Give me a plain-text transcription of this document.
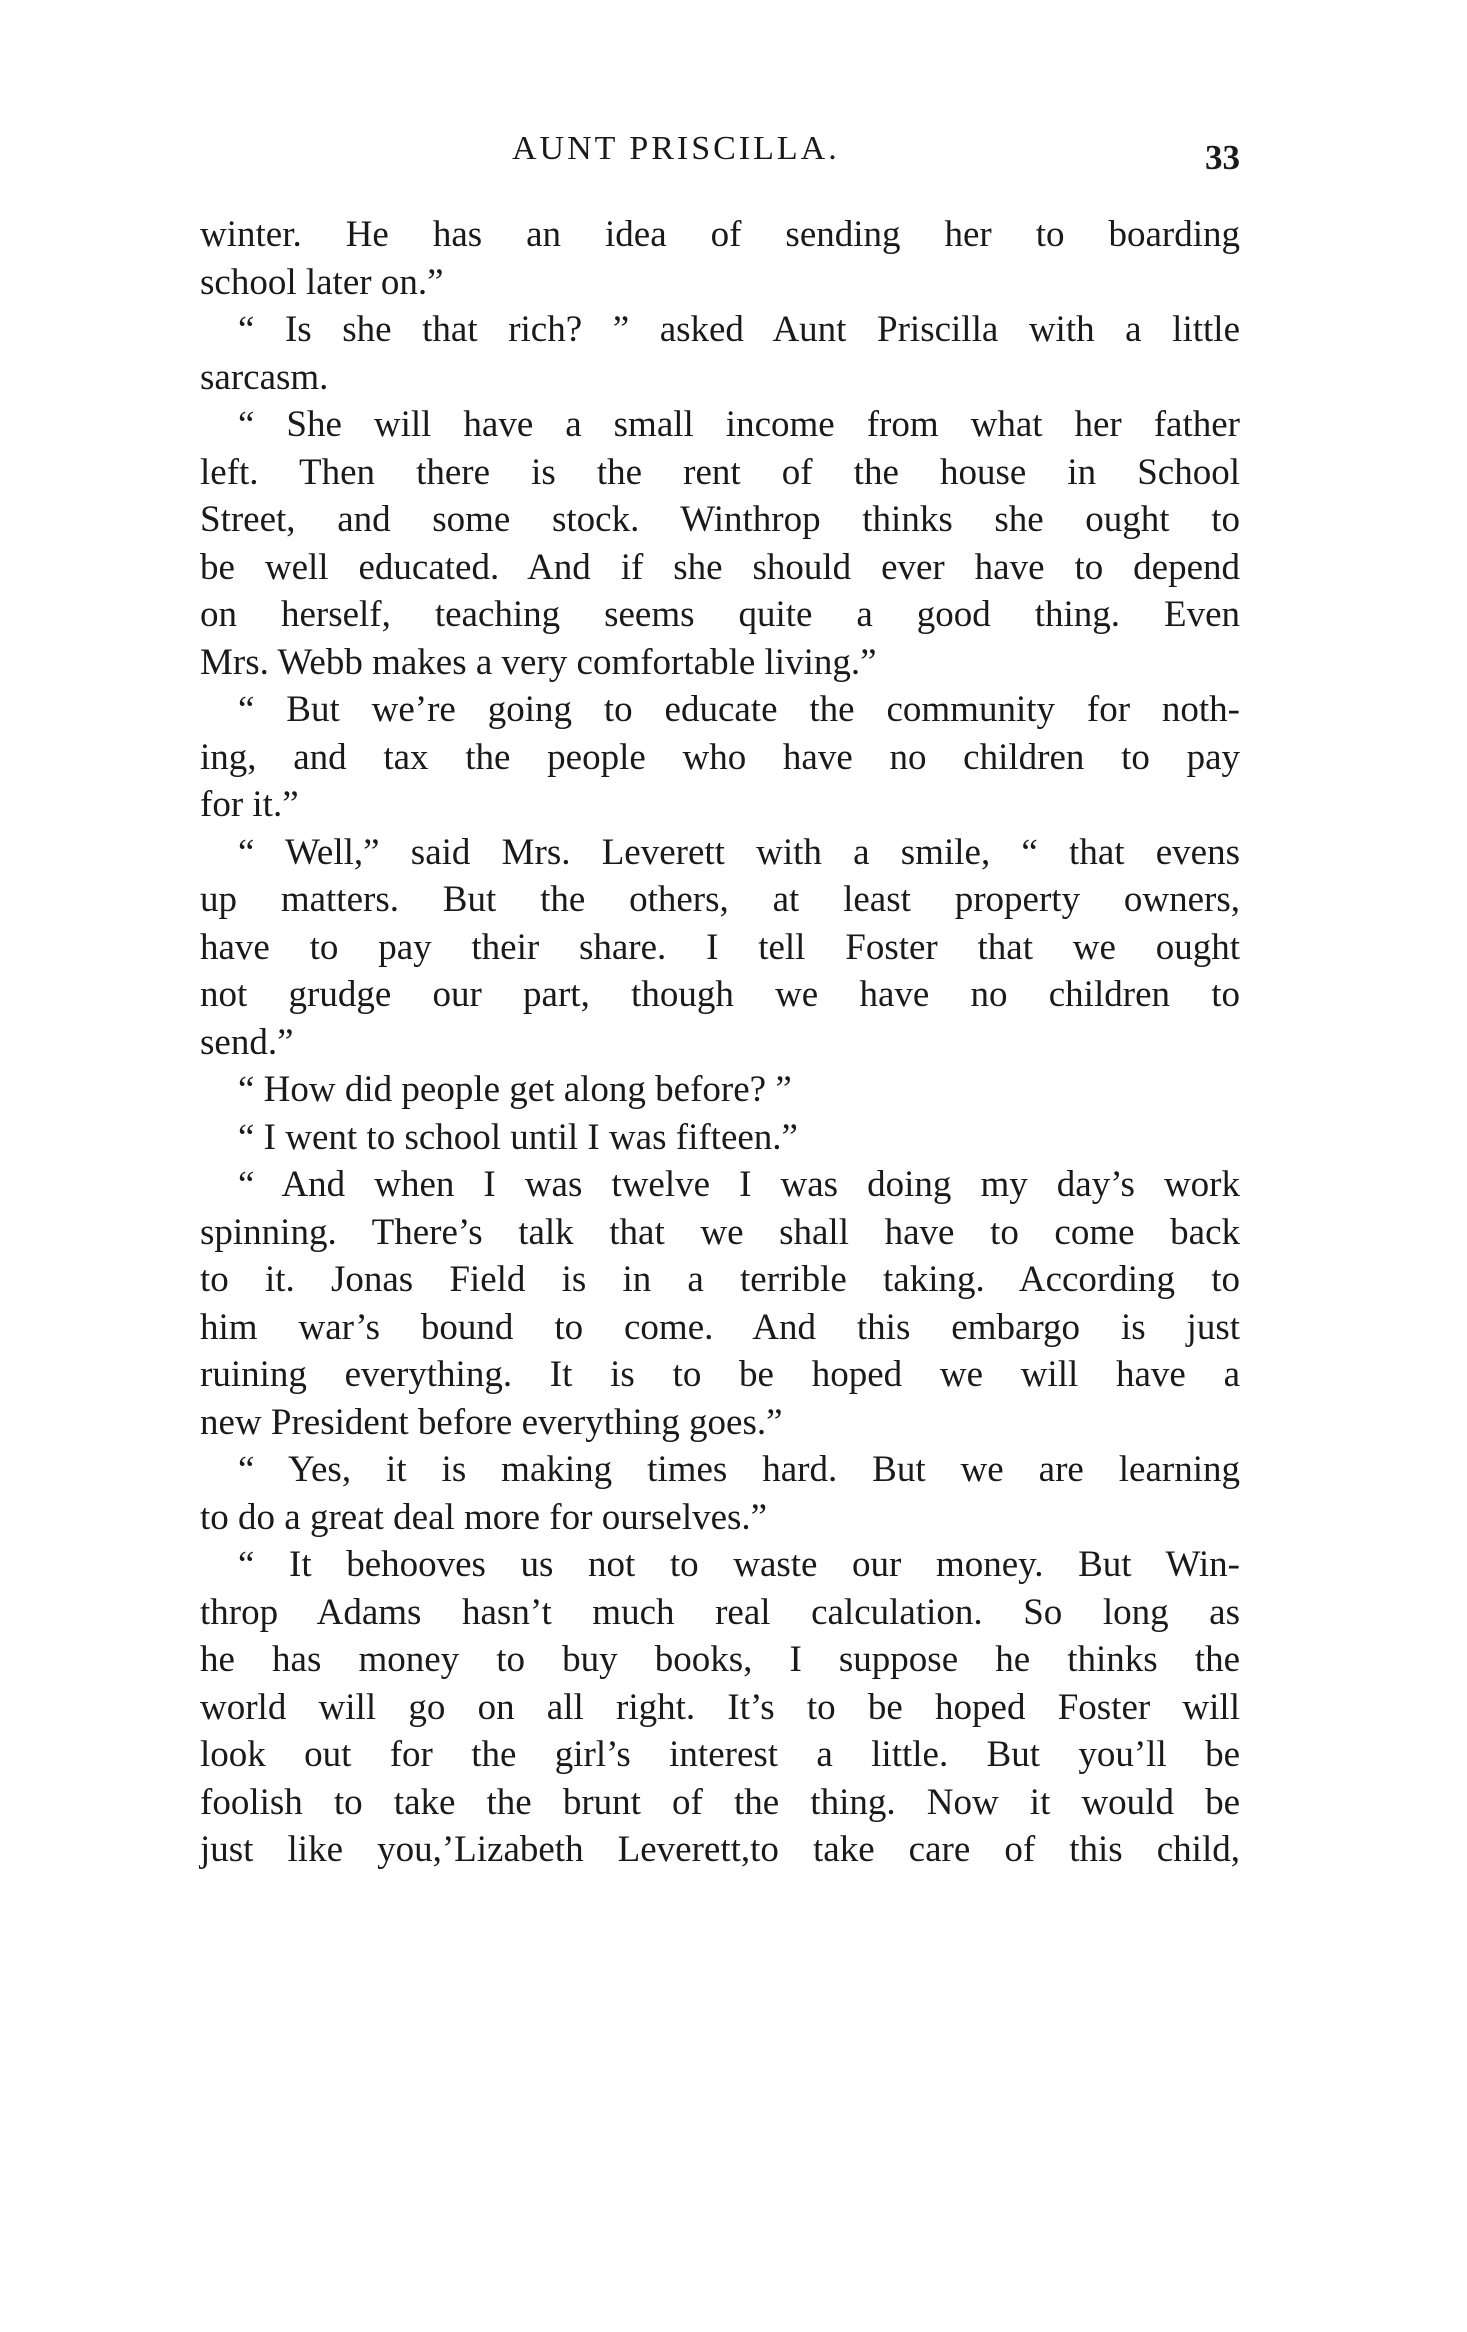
AUNT PRISCILLA.	33
winter. He has an idea of sending her to boarding
school later on.”
“ Is she that rich? ” asked Aunt Priscilla with a little
sarcasm.
“ She will have a small income from what her father
left. Then there is the rent of the house in School
Street, and some stock. Winthrop thinks she ought to
be well educated. And if she should ever have to depend
on herself, teaching seems quite a good thing. Even
Mrs. Webb makes a very comfortable living.”
“ But we’re going to educate the community for noth-
ing, and tax the people who have no children to pay
for it.”
“ Well,” said Mrs. Leverett with a smile, “ that evens
up matters. But the others, at least property owners,
have to pay their share. I tell Foster that we ought
not grudge our part, though we have no children to
send.”
“ How did people get along before? ”
“ I went to school until I was fifteen.”
“ And when I was twelve I was doing my day’s work
spinning. There’s talk that we shall have to come back
to it. Jonas Field is in a terrible taking. According to
him war’s bound to come. And this embargo is just
ruining everything. It is to be hoped we will have a
new President before everything goes.”
“ Yes, it is making times hard. But we are learning
to do a great deal more for ourselves.”
“ It behooves us not to waste our money. But Win-
throp Adams hasn’t much real calculation. So long as
he has money to buy books, I suppose he thinks the
world will go on all right. It’s to be hoped Foster will
look out for the girl’s interest a little. But you’ll be
foolish to take the brunt of the thing. Now it would be
just like you,’Lizabeth Leverett,to take care of this child,
